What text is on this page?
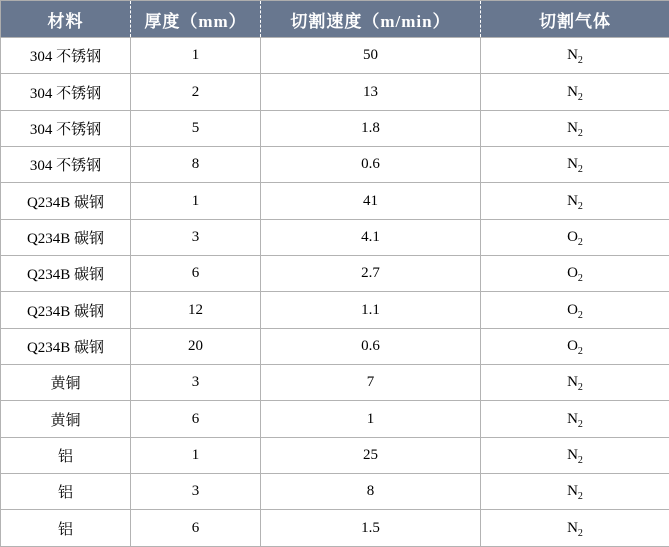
材料	厚度（mm）	切割速度（m/min）	切割气体
304 不锈钢	1	50	$N_2$
304 不锈钢	2	13	$N_2$
304 不锈钢	5	1.8	$N_2$
304 不锈钢	8	0.6	$N_2$
Q234B 碳钢	1	41	$N_2$
Q234B 碳钢	3	4.1	$O_2$
Q234B 碳钢	6	2.7	$O_2$
Q234B 碳钢	12	1.1	$O_2$
Q234B 碳钢	20	0.6	$O_2$
黄铜	3	7	$N_2$
黄铜	6	1	$N_2$
铝	1	25	$N_2$
铝	3	8	$N_2$
铝	6	1.5	$N_2$
